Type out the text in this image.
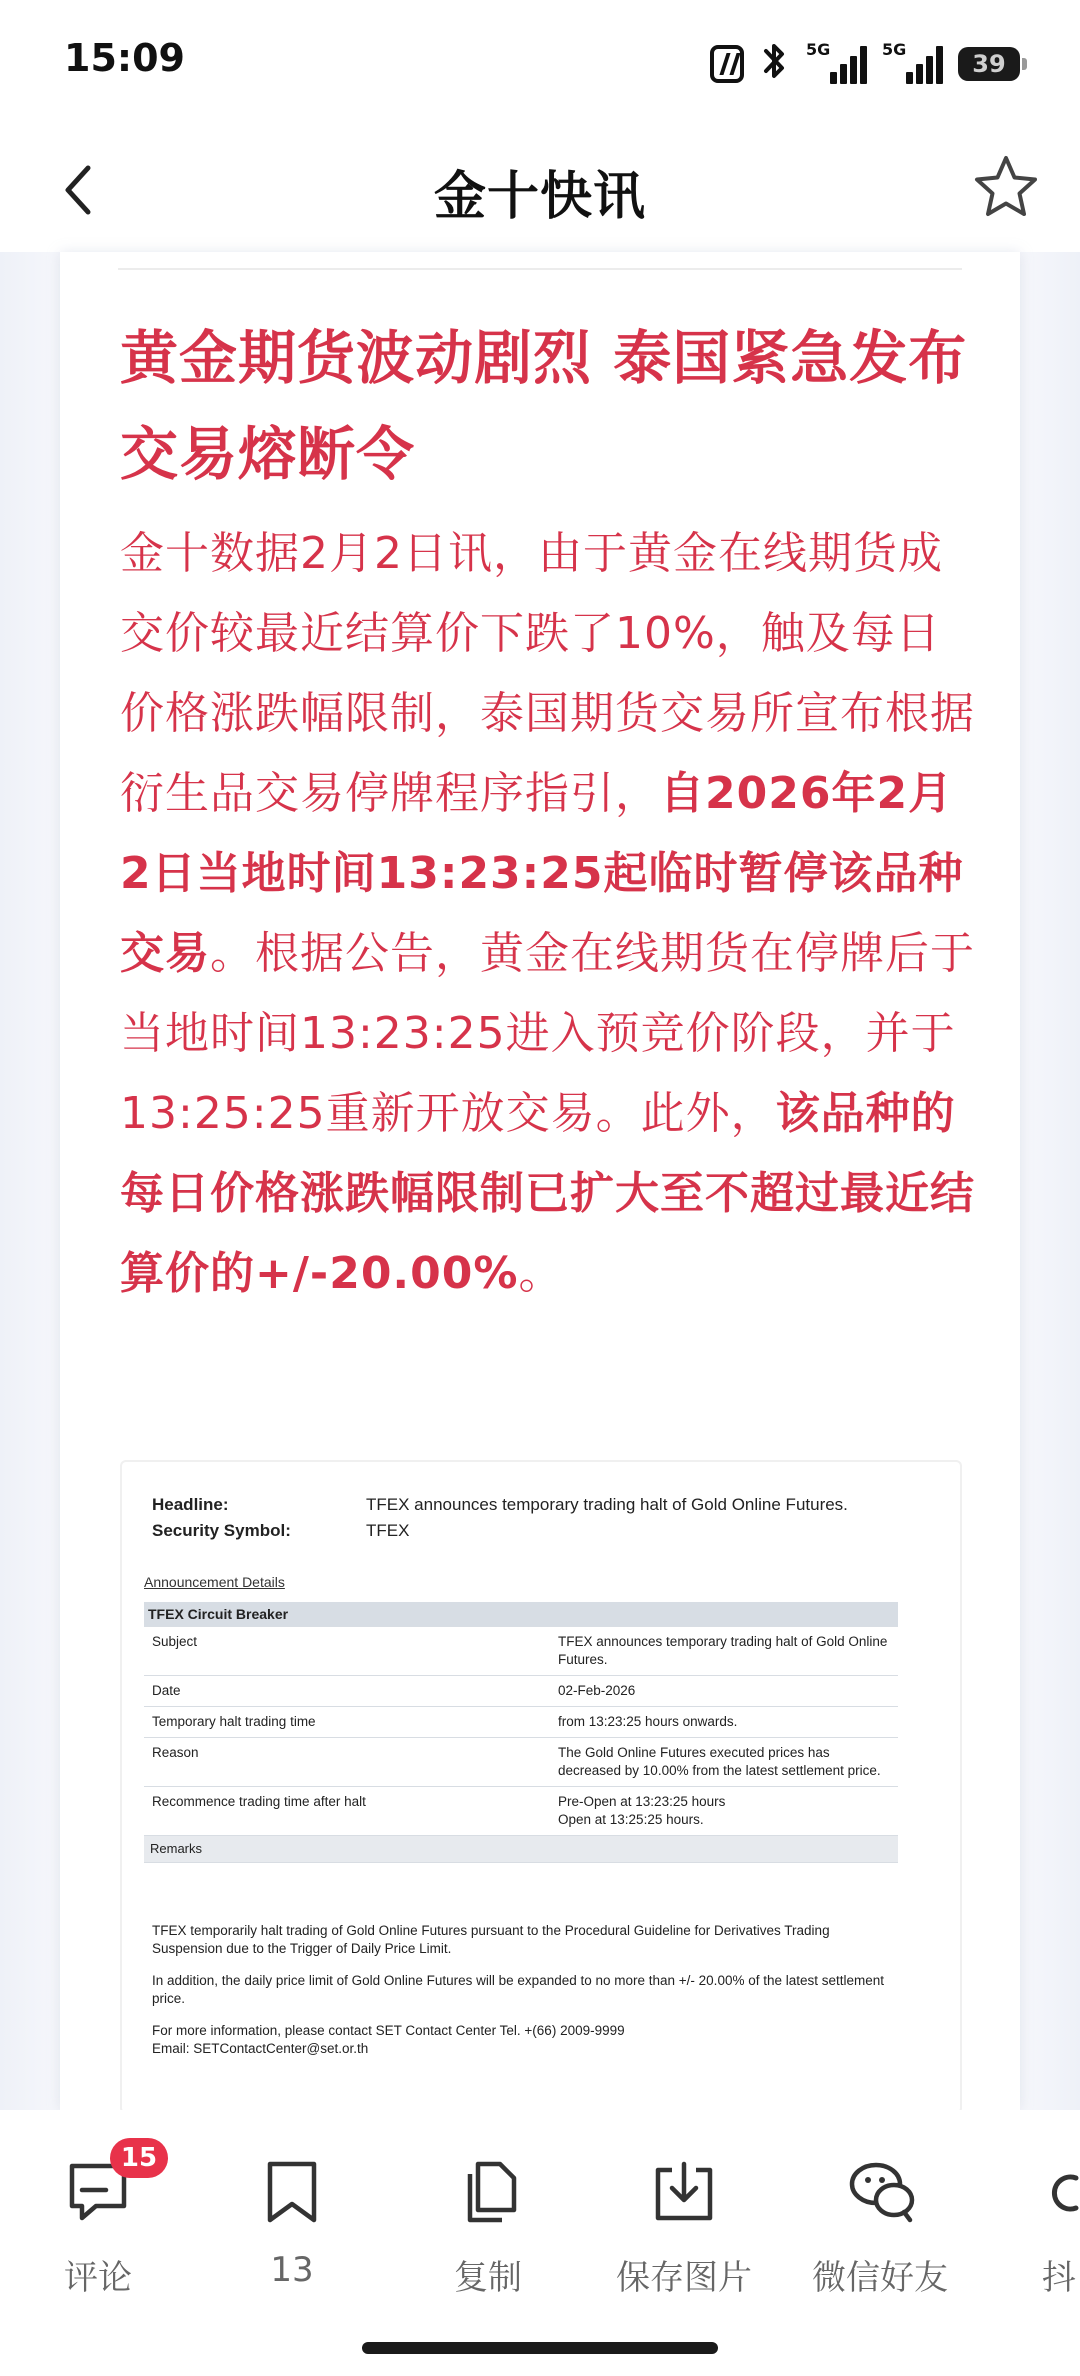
15:09	5G	5G
39
金十快讯
黄金期货波动剧烈 泰国紧急发布交易熔断令

金十数据2月2日讯，由于黄金在线期货成交价较最近结算价下跌了10%，触及每日价格涨跌幅限制，泰国期货交易所宣布根据衍生品交易停牌程序指引，自2026年2月2日当地时间13:23:25起临时暂停该品种交易。根据公告，黄金在线期货在停牌后于当地时间13:23:25进入预竞价阶段，并于13:25:25重新开放交易。此外，该品种的每日价格涨跌幅限制已扩大至不超过最近结算价的+/-20.00%。

Headline:	TFEX announces temporary trading halt of Gold Online Futures.
Security Symbol:	TFEX
Announcement Details
TFEX Circuit Breaker	
Subject	TFEX announces temporary trading halt of Gold Online Futures.
Date	02-Feb-2026
Temporary halt trading time	from 13:23:25 hours onwards.
Reason	The Gold Online Futures executed prices has decreased by 10.00% from the latest settlement price.
Recommence trading time after halt	Pre-Open at 13:23:25 hours
Open at 13:25:25 hours.
Remarks	

TFEX temporarily halt trading of Gold Online Futures pursuant to the Procedural Guideline for Derivatives Trading Suspension due to the Trigger of Daily Price Limit.

In addition, the daily price limit of Gold Online Futures will be expanded to no more than +/- 20.00% of the latest settlement price.

For more information, please contact SET Contact Center Tel. +(66) 2009-9999
Email: SETContactCenter@set.or.th

15
评论	13	复制	保存图片	微信好友	抖
